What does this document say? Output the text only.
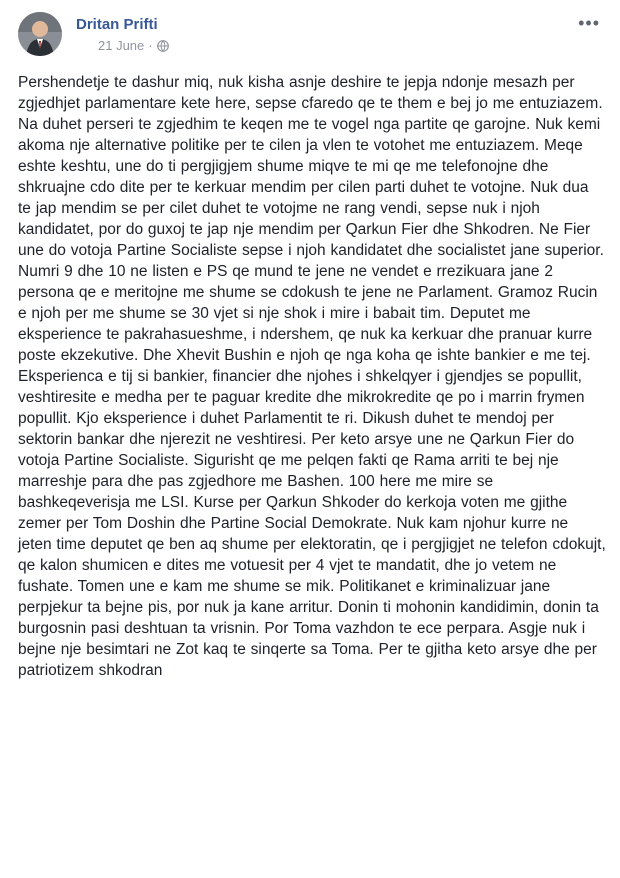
Dritan Prifti
21 June ·
•••

Pershendetje te dashur miq, nuk kisha asnje deshire te jepja ndonje mesazh per zgjedhjet parlamentare kete here, sepse cfaredo qe te them e bej jo me entuziazem. Na duhet perseri te zgjedhim te keqen me te vogel nga partite qe garojne. Nuk kemi akoma nje alternative politike per te cilen ja vlen te votohet me entuziazem. Meqe eshte keshtu, une do ti pergjigjem shume miqve te mi qe me telefonojne dhe shkruajne cdo dite per te kerkuar mendim per cilen parti duhet te votojne. Nuk dua te jap mendim se per cilet duhet te votojme ne rang vendi, sepse nuk i njoh kandidatet, por do guxoj te jap nje mendim per Qarkun Fier dhe Shkodren. Ne Fier une do votoja Partine Socialiste sepse i njoh kandidatet dhe socialistet jane superior. Numri 9 dhe 10 ne listen e PS qe mund te jene ne vendet e rrezikuara jane 2 persona qe e meritojne me shume se cdokush te jene ne Parlament. Gramoz Rucin e njoh per me shume se 30 vjet si nje shok i mire i babait tim. Deputet me eksperience te pakrahasueshme, i ndershem, qe nuk ka kerkuar dhe pranuar kurre poste ekzekutive. Dhe Xhevit Bushin e njoh qe nga koha qe ishte bankier e me tej. Eksperienca e tij si bankier, financier dhe njohes i shkelqyer i gjendjes se popullit, veshtiresite e medha per te paguar kredite dhe mikrokredite qe po i marrin frymen popullit. Kjo eksperience i duhet Parlamentit te ri. Dikush duhet te mendoj per sektorin bankar dhe njerezit ne veshtiresi. Per keto arsye une ne Qarkun Fier do votoja Partine Socialiste. Sigurisht qe me pelqen fakti qe Rama arriti te bej nje marreshje para dhe pas zgjedhore me Bashen. 100 here me mire se bashkeqeverisja me LSI. Kurse per Qarkun Shkoder do kerkoja voten me gjithe zemer per Tom Doshin dhe Partine Social Demokrate. Nuk kam njohur kurre ne jeten time deputet qe ben aq shume per elektoratin, qe i pergjigjet ne telefon cdokujt, qe kalon shumicen e dites me votuesit per 4 vjet te mandatit, dhe jo vetem ne fushate. Tomen une e kam me shume se mik. Politikanet e kriminalizuar jane perpjekur ta bejne pis, por nuk ja kane arritur. Donin ti mohonin kandidimin, donin ta burgosnin pasi deshtuan ta vrisnin. Por Toma vazhdon te ece perpara. Asgje nuk i bejne nje besimtari ne Zot kaq te sinqerte sa Toma. Per te gjitha keto arsye dhe per patriotizem shkodran
